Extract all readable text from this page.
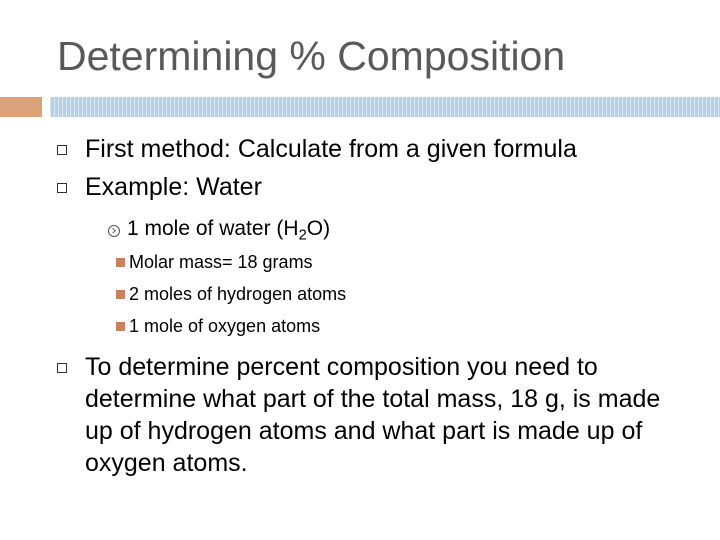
Determining % Composition
First method: Calculate from a given formula
Example: Water
1 mole of water $(H_2O)$
Molar mass= 18 grams
2 moles of hydrogen atoms
1 mole of oxygen atoms
To determine percent composition you need to determine what part of the total mass, 18 g, is made up of hydrogen atoms and what part is made up of oxygen atoms.
